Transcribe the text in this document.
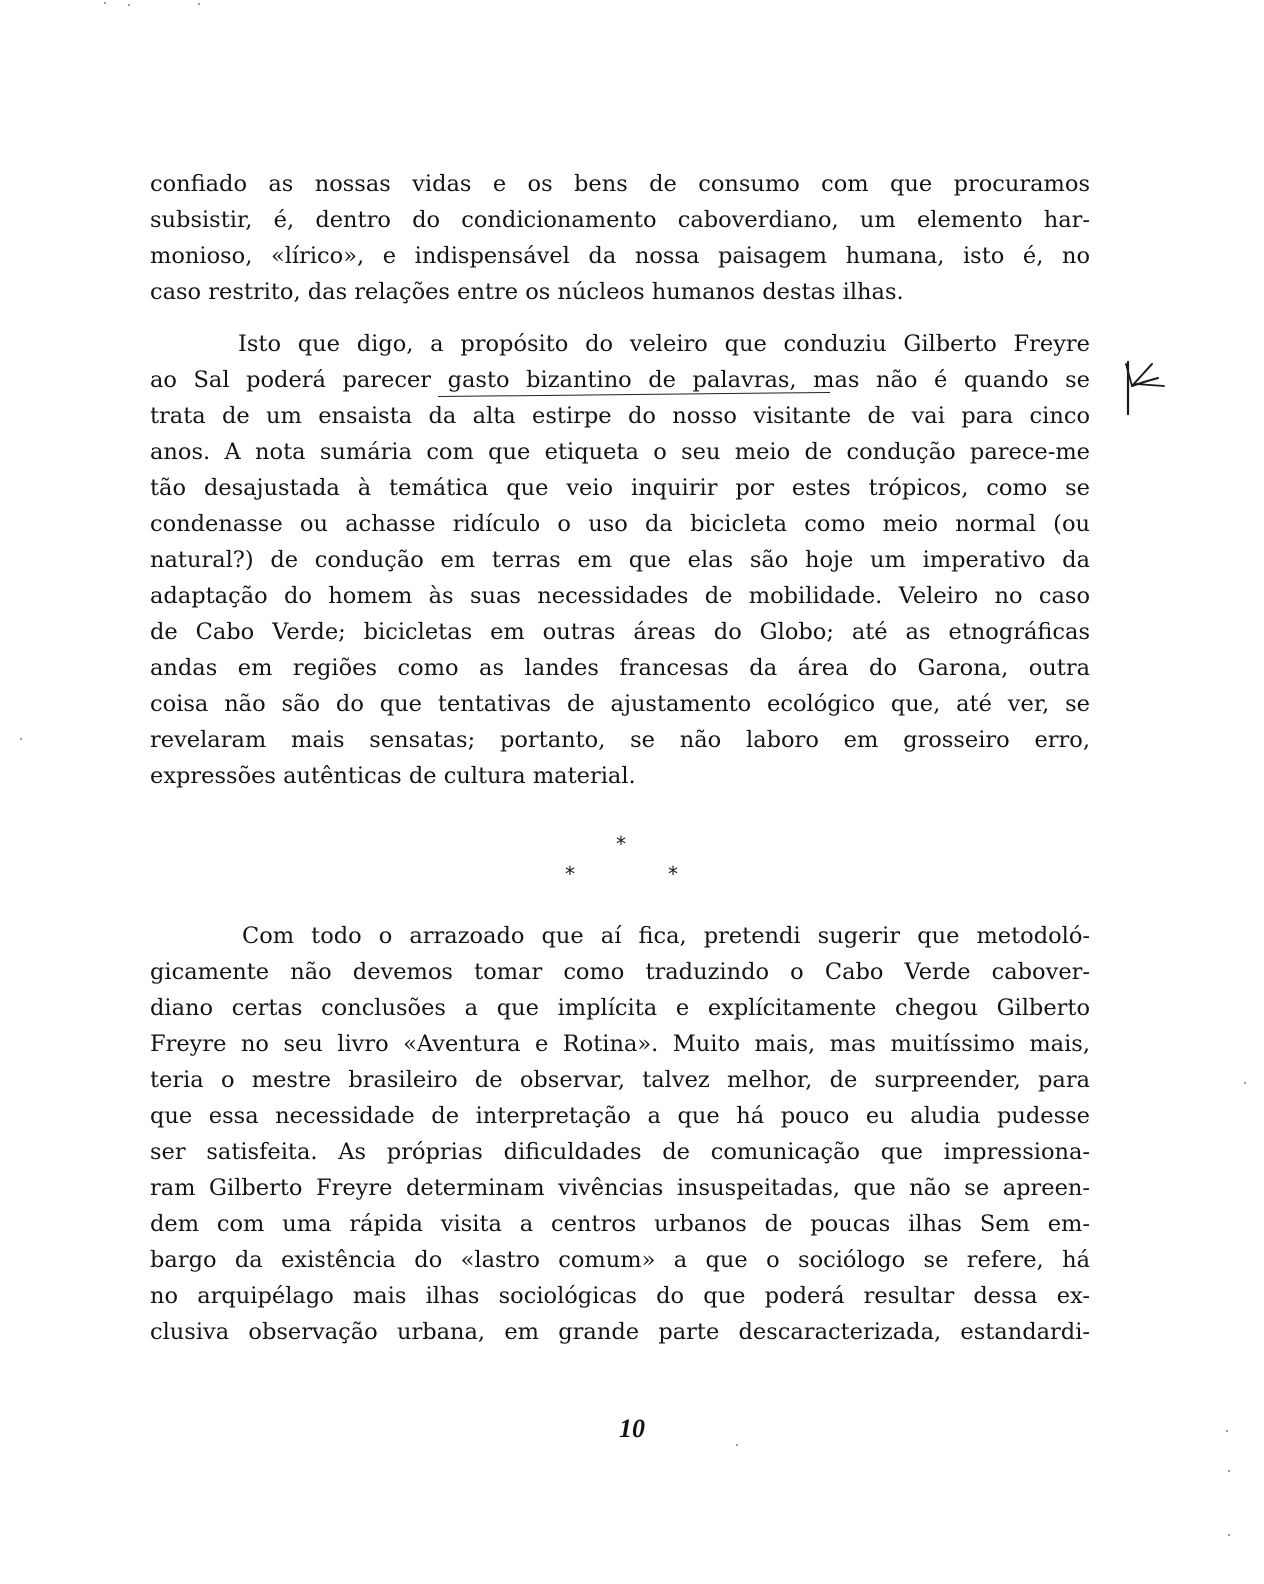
confiado as nossas vidas e os bens de consumo com que procuramos
subsistir, é, dentro do condicionamento caboverdiano, um elemento har-
monioso, «lírico», e indispensável da nossa paisagem humana, isto é, no
caso restrito, das relações entre os núcleos humanos destas ilhas.
Isto que digo, a propósito do veleiro que conduziu Gilberto Freyre
ao Sal poderá parecer gasto bizantino de palavras, mas não é quando se
trata de um ensaista da alta estirpe do nosso visitante de vai para cinco
anos. A nota sumária com que etiqueta o seu meio de condução parece-me
tão desajustada à temática que veio inquirir por estes trópicos, como se
condenasse ou achasse ridículo o uso da bicicleta como meio normal (ou
natural?) de condução em terras em que elas são hoje um imperativo da
adaptação do homem às suas necessidades de mobilidade. Veleiro no caso
de Cabo Verde; bicicletas em outras áreas do Globo; até as etnográficas
andas em regiões como as landes francesas da área do Garona, outra
coisa não são do que tentativas de ajustamento ecológico que, até ver, se
revelaram mais sensatas; portanto, se não laboro em grosseiro erro,
expressões autênticas de cultura material.
*
*	*
Com todo o arrazoado que aí fica, pretendi sugerir que metodoló-
gicamente não devemos tomar como traduzindo o Cabo Verde cabover-
diano certas conclusões a que implícita e explícitamente chegou Gilberto
Freyre no seu livro «Aventura e Rotina». Muito mais, mas muitíssimo mais,
teria o mestre brasileiro de observar, talvez melhor, de surpreender, para
que essa necessidade de interpretação a que há pouco eu aludia pudesse
ser satisfeita. As próprias dificuldades de comunicação que impressiona-
ram Gilberto Freyre determinam vivências insuspeitadas, que não se apreen-
dem com uma rápida visita a centros urbanos de poucas ilhas Sem em-
bargo da existência do «lastro comum» a que o sociólogo se refere, há
no arquipélago mais ilhas sociológicas do que poderá resultar dessa ex-
clusiva observação urbana, em grande parte descaracterizada, estandardi-
10
